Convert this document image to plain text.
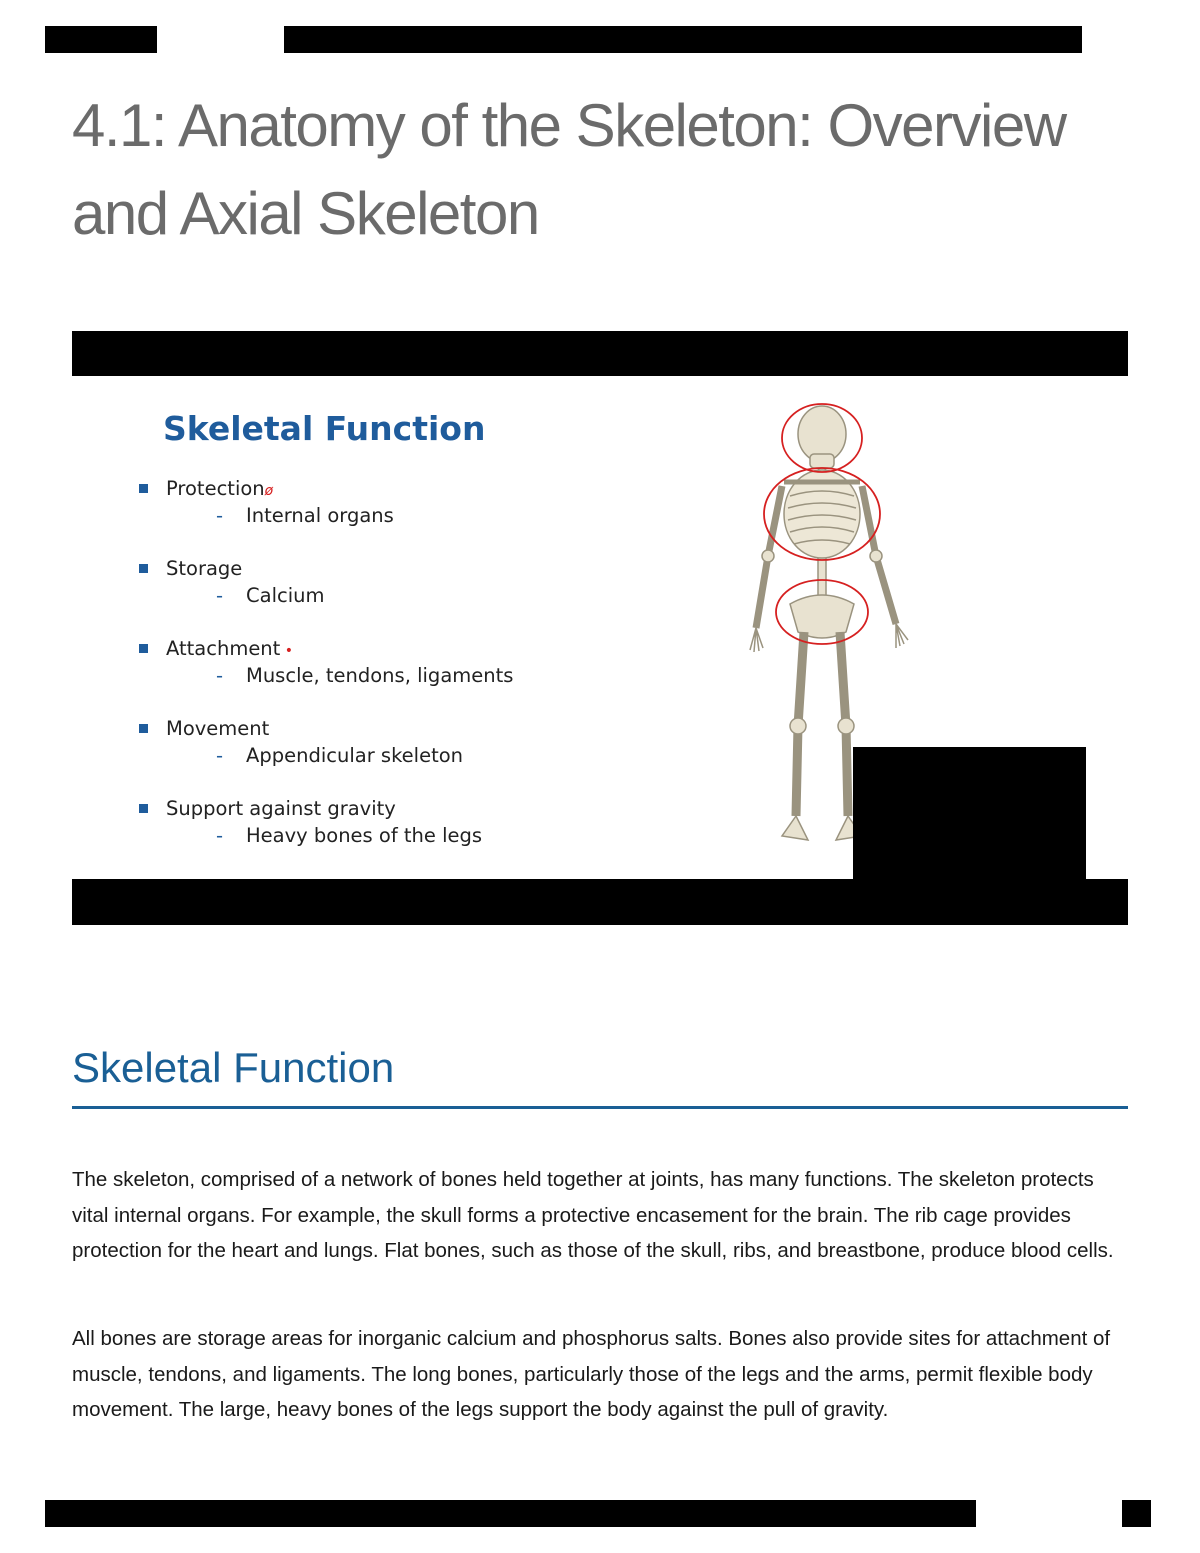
4.1: Anatomy of the Skeleton: Overview and Axial Skeleton
Skeletal Function
Protectionø
- Internal organs
Storage
- Calcium
Attachment •
- Muscle, tendons, ligaments
Movement
- Appendicular skeleton
Support against gravity
- Heavy bones of the legs
Skeletal Function

The skeleton, comprised of a network of bones held together at joints, has many functions. The skeleton protects vital internal organs. For example, the skull forms a protective encasement for the brain. The rib cage provides protection for the heart and lungs. Flat bones, such as those of the skull, ribs, and breastbone, produce blood cells.

All bones are storage areas for inorganic calcium and phosphorus salts. Bones also provide sites for attachment of muscle, tendons, and ligaments. The long bones, particularly those of the legs and the arms, permit flexible body movement. The large, heavy bones of the legs support the body against the pull of gravity.
